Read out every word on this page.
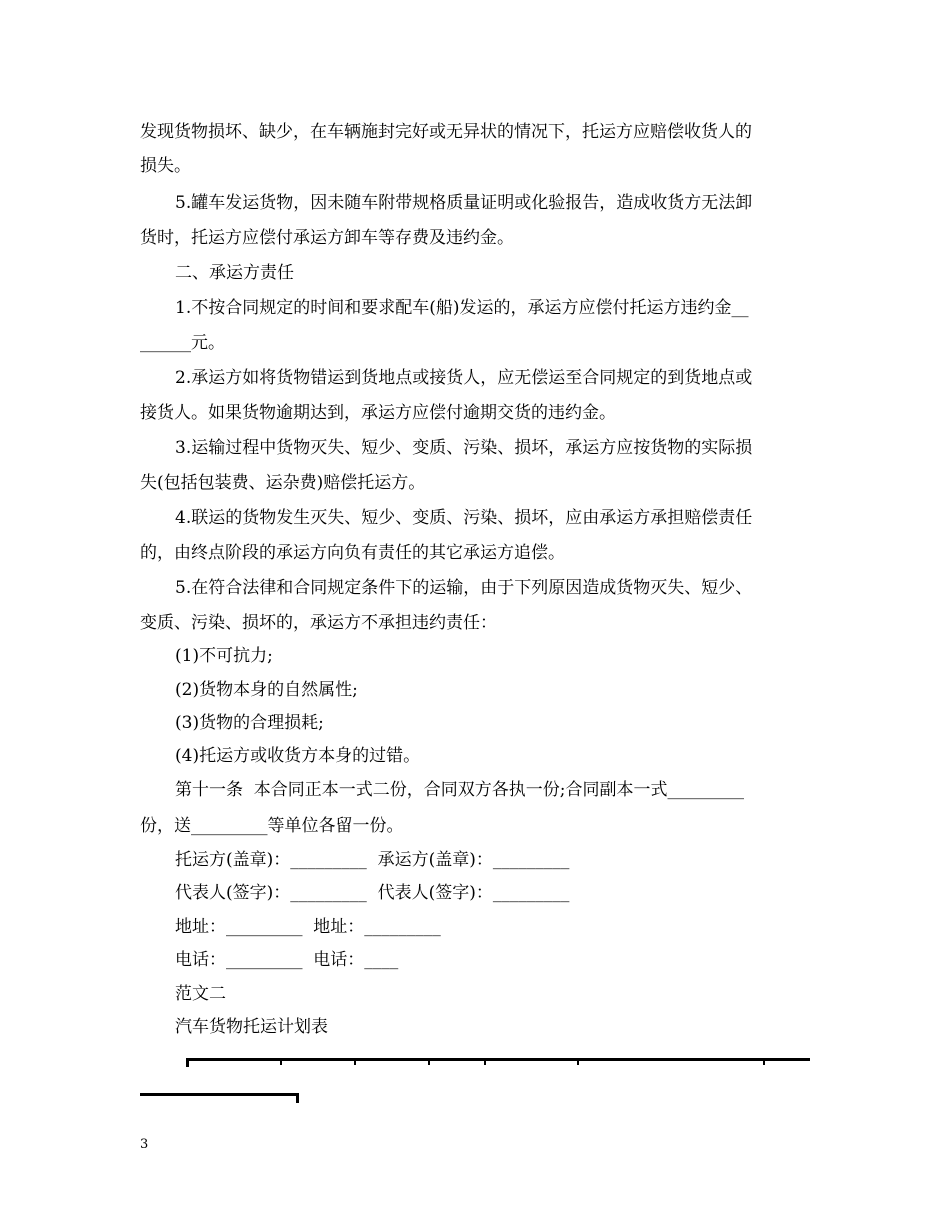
发现货物损坏、缺少，在车辆施封完好或无异状的情况下，托运方应赔偿收货人的
损失。
5.罐车发运货物，因未随车附带规格质量证明或化验报告，造成收货方无法卸
货时，托运方应偿付承运方卸车等存费及违约金。
二、承运方责任
1.不按合同规定的时间和要求配车(船)发运的，承运方应偿付托运方违约金__
______元。
2.承运方如将货物错运到货地点或接货人，应无偿运至合同规定的到货地点或
接货人。如果货物逾期达到，承运方应偿付逾期交货的违约金。
3.运输过程中货物灭失、短少、变质、污染、损坏，承运方应按货物的实际损
失(包括包装费、运杂费)赔偿托运方。
4.联运的货物发生灭失、短少、变质、污染、损坏，应由承运方承担赔偿责任
的，由终点阶段的承运方向负有责任的其它承运方追偿。
5.在符合法律和合同规定条件下的运输，由于下列原因造成货物灭失、短少、
变质、污染、损坏的，承运方不承担违约责任：
(1)不可抗力;
(2)货物本身的自然属性;
(3)货物的合理损耗;
(4)托运方或收货方本身的过错。
第十一条  本合同正本一式二份，合同双方各执一份;合同副本一式_________
份，送_________等单位各留一份。
托运方(盖章)：_________  承运方(盖章)：_________
代表人(签字)：_________  代表人(签字)：_________
地址：_________  地址：_________
电话：_________  电话：____
范文二
汽车货物托运计划表
3
